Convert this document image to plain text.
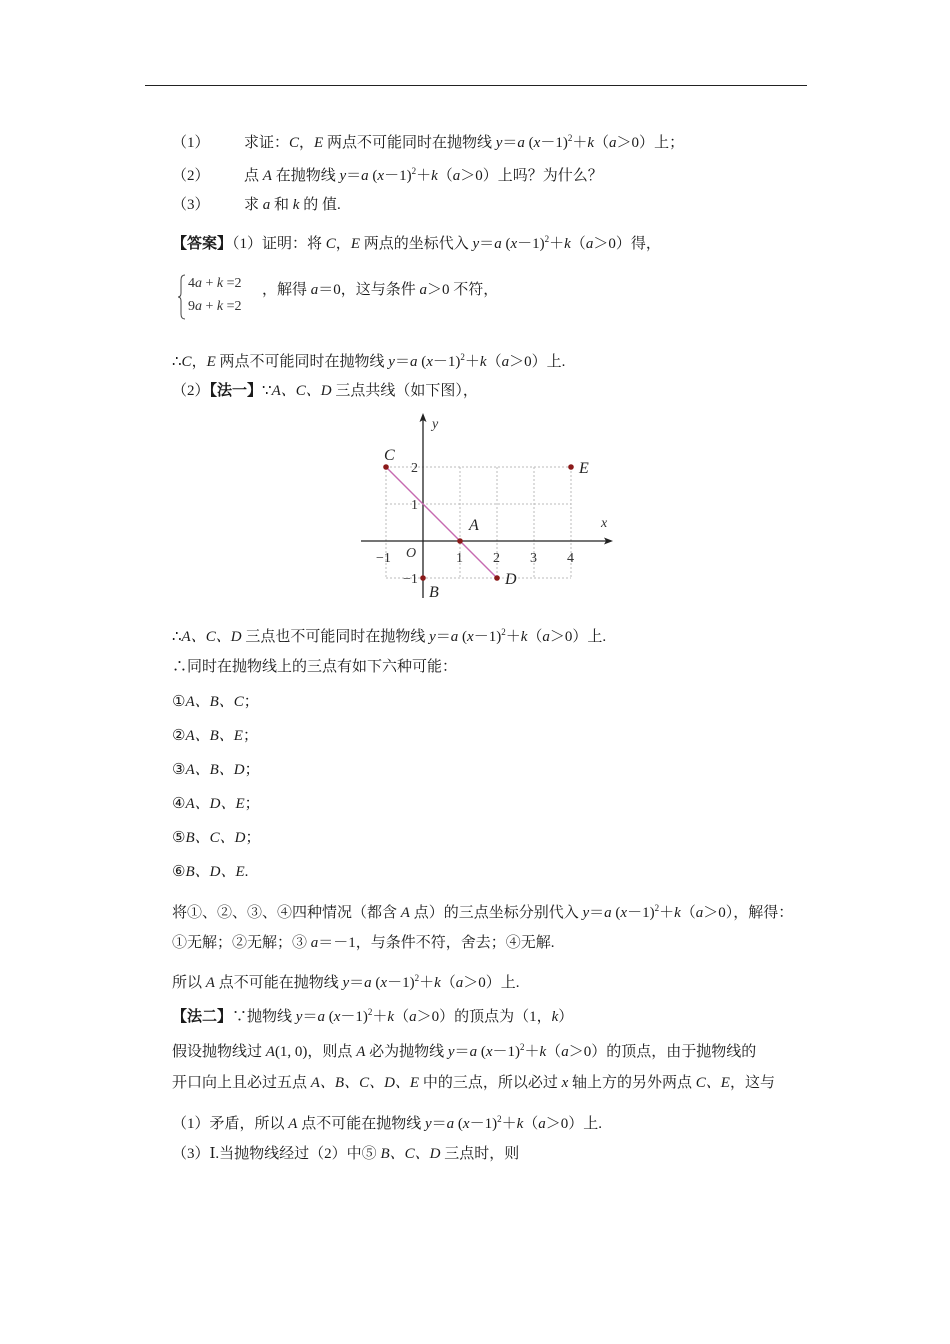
（1） 求证：C，E 两点不可能同时在抛物线 y＝a $(x-1)^2+k(a>0)$上；
（2） 点 A 在抛物线 y＝a $(x-1)^2+k(a>0)$上吗？为什么？
（3） 求 a 和 k 的 值.
【答案】（1）证明：将 C，E 两点的坐标代入 y＝a $(x-1)^2+k(a>0)$得，
4a + k =2
9a + k =2
，解得 a＝0，这与条件 a＞0 不符，
∴C，E 两点不可能同时在抛物线 y＝a $(x-1)^2+k(a>0)$上.
（2）【法一】∵A、C、D 三点共线（如下图），
x
y
O
−1	1 2 3 4
−1
1
2
C
E
A
B
D
∴A、C、D 三点也不可能同时在抛物线 y＝a $(x-1)^2+k(a>0)$上.
∴同时在抛物线上的三点有如下六种可能：
①A、B、C；
②A、B、E；
③A、B、D；
④A、D、E；
⑤B、C、D；
⑥B、D、E.
将①、②、③、④四种情况（都含 A 点）的三点坐标分别代入 y＝a $(x-1)^2+k(a>0)$，解得：
①无解；②无解；③ a＝－1，与条件不符，舍去；④无解.
所以 A 点不可能在抛物线 y＝a $(x-1)^2+k(a>0)$上.
【法二】∵抛物线 y＝a $(x-1)^2+k(a>0)$的顶点为（1，k）
假设抛物线过 A(1, 0)，则点 A 必为抛物线 y＝a $(x-1)^2+k(a>0)$的顶点，由于抛物线的
开口向上且必过五点 A、B、C、D、E 中的三点，所以必过 x 轴上方的另外两点 C、E，这与
（1）矛盾，所以 A 点不可能在抛物线 y＝a $(x-1)^2+k(a>0)$上.
（3）Ⅰ.当抛物线经过（2）中⑤ B、C、D 三点时，则
